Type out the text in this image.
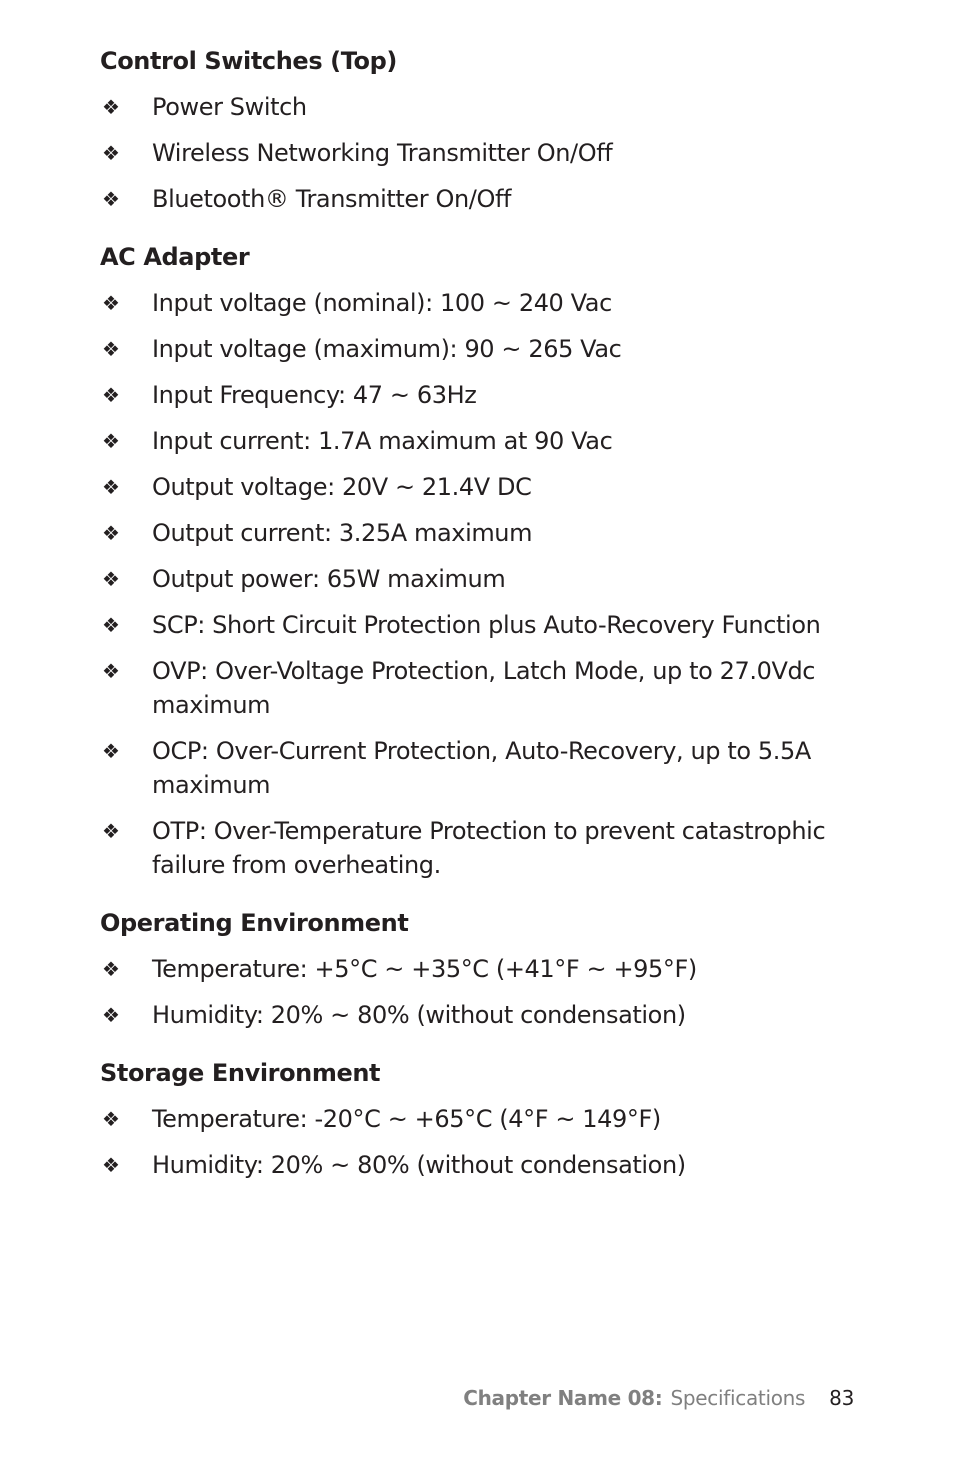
Control Switches (Top)
❖	Power Switch
❖	Wireless Networking Transmitter On/Off
❖	Bluetooth® Transmitter On/Off
AC Adapter
❖	Input voltage (nominal): 100 ~ 240 Vac
❖	Input voltage (maximum): 90 ~ 265 Vac
❖	Input Frequency: 47 ~ 63Hz
❖	Input current: 1.7A maximum at 90 Vac
❖	Output voltage: 20V ~ 21.4V DC
❖	Output current: 3.25A maximum
❖	Output power: 65W maximum
❖	SCP: Short Circuit Protection plus Auto-Recovery Function
❖	OVP: Over-Voltage Protection, Latch Mode, up to 27.0Vdc maximum
❖	OCP: Over-Current Protection, Auto-Recovery, up to 5.5A maximum
❖	OTP: Over-Temperature Protection to prevent catastrophic failure from overheating.
Operating Environment
❖	Temperature: +5°C ~ +35°C (+41°F ~ +95°F)
❖	Humidity: 20% ~ 80% (without condensation)
Storage Environment
❖	Temperature: -20°C ~ +65°C (4°F ~ 149°F)
❖	Humidity: 20% ~ 80% (without condensation)
Chapter Name 08: Specifications 83
